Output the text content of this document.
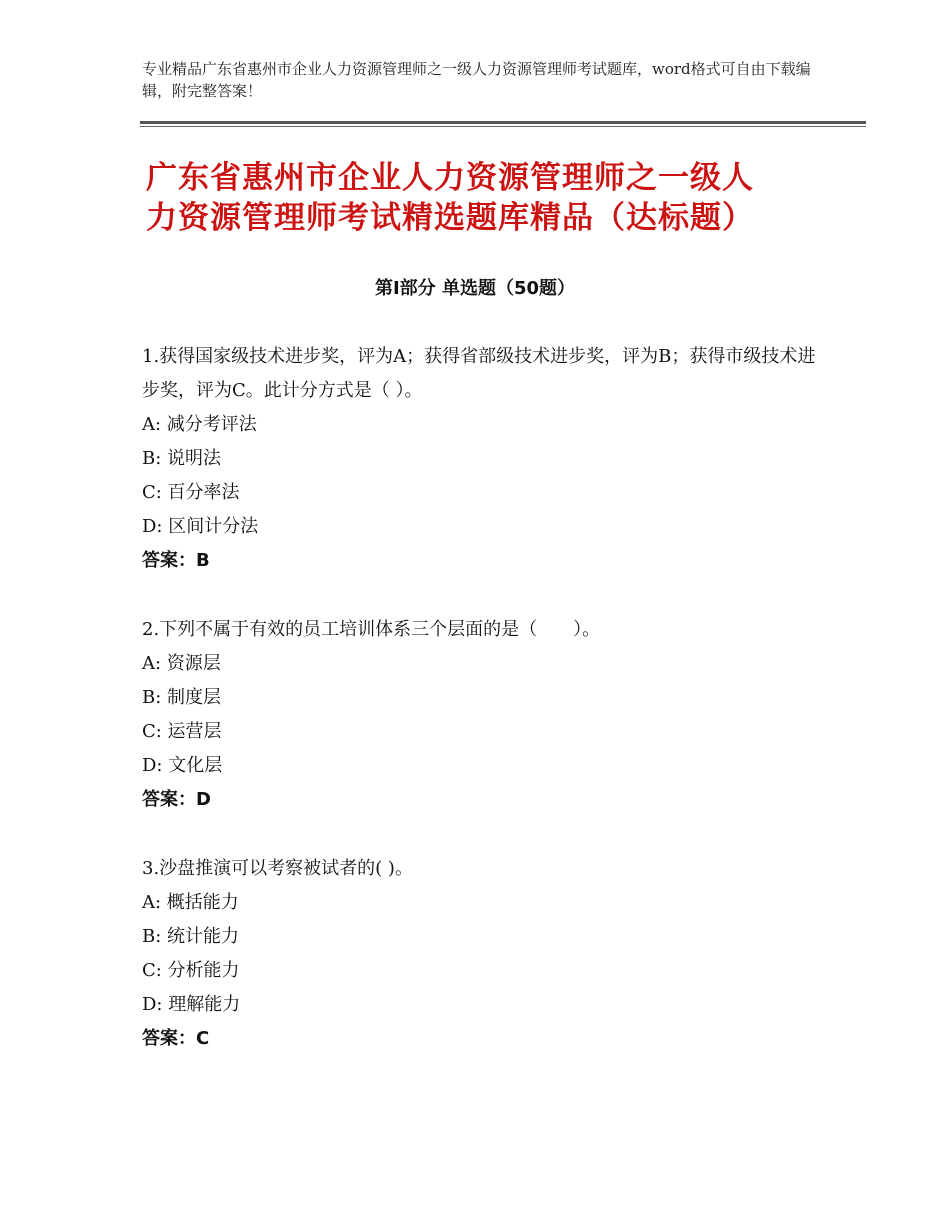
专业精品广东省惠州市企业人力资源管理师之一级人力资源管理师考试题库，word格式可自由下载编辑，附完整答案！
广东省惠州市企业人力资源管理师之一级人
力资源管理师考试精选题库精品（达标题）
第Ⅰ部分 单选题（50题）
1.获得国家级技术进步奖，评为A；获得省部级技术进步奖，评为B；获得市级技术进步奖，评为C。此计分方式是（ ）。
A: 减分考评法
B: 说明法
C: 百分率法
D: 区间计分法
答案：B
2.下列不属于有效的员工培训体系三个层面的是（　　）。
A: 资源层
B: 制度层
C: 运营层
D: 文化层
答案：D
3.沙盘推演可以考察被试者的( )。
A: 概括能力
B: 统计能力
C: 分析能力
D: 理解能力
答案：C
